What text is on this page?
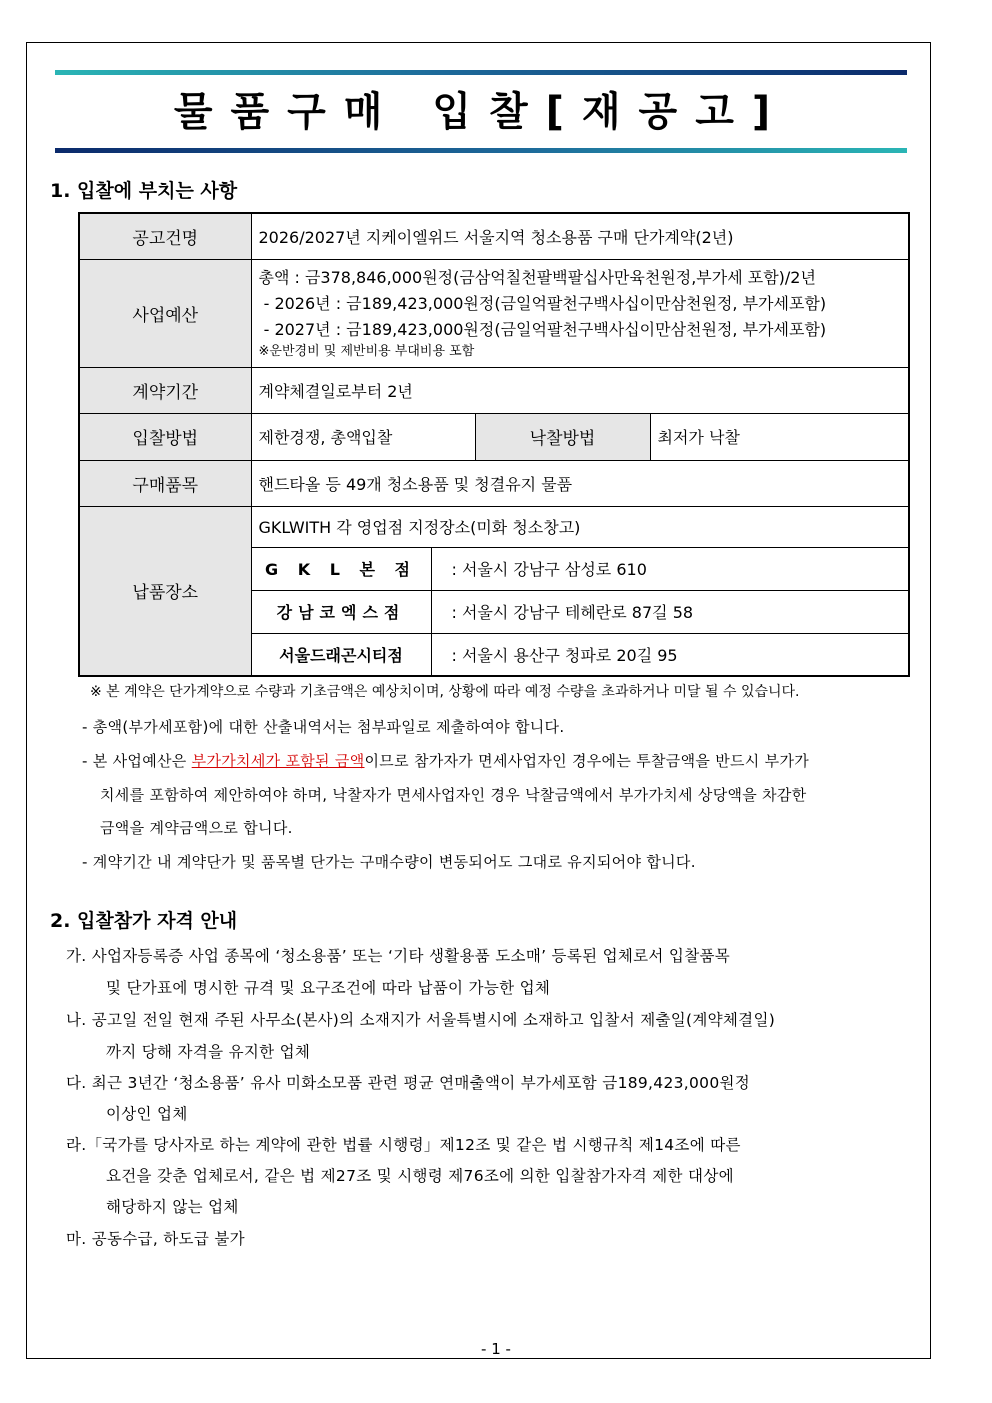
물품구매 입찰[재공고]
1. 입찰에 부치는 사항
공고건명	2026/2027년 지케이엘위드 서울지역 청소용품 구매 단가계약(2년)			
사업예산	총액 : 금378,846,000원정(금삼억칠천팔백팔십사만육천원정,부가세 포함)/2년
- 2026년 : 금189,423,000원정(금일억팔천구백사십이만삼천원정, 부가세포함)
- 2027년 : 금189,423,000원정(금일억팔천구백사십이만삼천원정, 부가세포함)
※운반경비 및 제반비용 부대비용 포함			

계약기간	계약체결일로부터 2년			
입찰방법	제한경쟁, 총액입찰		낙찰방법	최저가 낙찰
구매품목	핸드타올 등 49개 청소용품 및 청결유지 물품			
납품장소	GKLWITH 각 영업점 지정장소(미화 청소창고)			
	G K L 본 점	: 서울시 강남구 삼성로 610		
	강남코엑스점	: 서울시 강남구 테헤란로 87길 58		
	서울드래곤시티점	: 서울시 용산구 청파로 20길 95		
※ 본 계약은 단가계약으로 수량과 기초금액은 예상치이며, 상황에 따라 예정 수량을 초과하거나 미달 될 수 있습니다.
- 총액(부가세포함)에 대한 산출내역서는 첨부파일로 제출하여야 합니다.
- 본 사업예산은 부가가치세가 포함된 금액이므로 참가자가 면세사업자인 경우에는 투찰금액을 반드시 부가가
치세를 포함하여 제안하여야 하며, 낙찰자가 면세사업자인 경우 낙찰금액에서 부가가치세 상당액을 차감한
금액을 계약금액으로 합니다.
- 계약기간 내 계약단가 및 품목별 단가는 구매수량이 변동되어도 그대로 유지되어야 합니다.
2. 입찰참가 자격 안내
가. 사업자등록증 사업 종목에 ‘청소용품’ 또는 ‘기타 생활용품 도소매’ 등록된 업체로서 입찰품목
및 단가표에 명시한 규격 및 요구조건에 따라 납품이 가능한 업체
나. 공고일 전일 현재 주된 사무소(본사)의 소재지가 서울특별시에 소재하고 입찰서 제출일(계약체결일)
까지 당해 자격을 유지한 업체
다. 최근 3년간 ‘청소용품’ 유사 미화소모품 관련 평균 연매출액이 부가세포함 금189,423,000원정
이상인 업체
라.「국가를 당사자로 하는 계약에 관한 법률 시행령」제12조 및 같은 법 시행규칙 제14조에 따른
요건을 갖춘 업체로서, 같은 법 제27조 및 시행령 제76조에 의한 입찰참가자격 제한 대상에
해당하지 않는 업체
마. 공동수급, 하도급 불가
- 1 -
